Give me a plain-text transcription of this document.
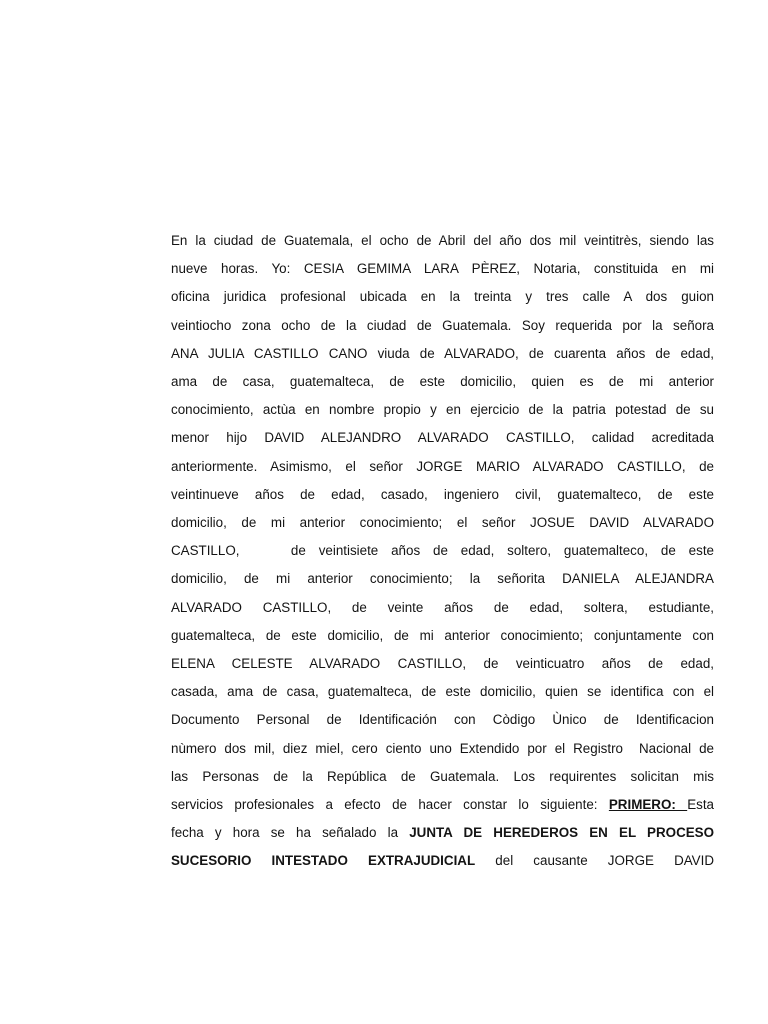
En la ciudad de Guatemala, el ocho de Abril del año dos mil veintitrès, siendo las
nueve horas. Yo: CESIA GEMIMA LARA PÈREZ, Notaria, constituida en mi
oficina juridica profesional ubicada en la treinta y tres calle A dos guion
veintiocho zona ocho de la ciudad de Guatemala. Soy requerida por la señora
ANA JULIA CASTILLO CANO viuda de ALVARADO, de cuarenta años de edad,
ama de casa, guatemalteca, de este domicilio, quien es de mi anterior
conocimiento, actùa en nombre propio y en ejercicio de la patria potestad de su
menor hijo DAVID ALEJANDRO ALVARADO CASTILLO, calidad acreditada
anteriormente. Asimismo, el señor JORGE MARIO ALVARADO CASTILLO, de
veintinueve años de edad, casado, ingeniero civil, guatemalteco, de este
domicilio, de mi anterior conocimiento; el señor JOSUE DAVID ALVARADO
CASTILLO,    de veintisiete años de edad, soltero, guatemalteco, de este
domicilio, de mi anterior conocimiento; la señorita DANIELA ALEJANDRA
ALVARADO CASTILLO, de veinte años de edad, soltera, estudiante,
guatemalteca, de este domicilio, de mi anterior conocimiento; conjuntamente con
ELENA CELESTE ALVARADO CASTILLO, de veinticuatro años de edad,
casada, ama de casa, guatemalteca, de este domicilio, quien se identifica con el
Documento Personal de Identificación con Còdigo Ùnico de Identificacion
nùmero dos mil, diez miel, cero ciento uno Extendido por el Registro  Nacional de
las Personas de la República de Guatemala. Los requirentes solicitan mis
servicios profesionales a efecto de hacer constar lo siguiente: PRIMERO: Esta
fecha y hora se ha señalado la JUNTA DE HEREDEROS EN EL PROCESO
SUCESORIO INTESTADO EXTRAJUDICIAL del causante JORGE DAVID
